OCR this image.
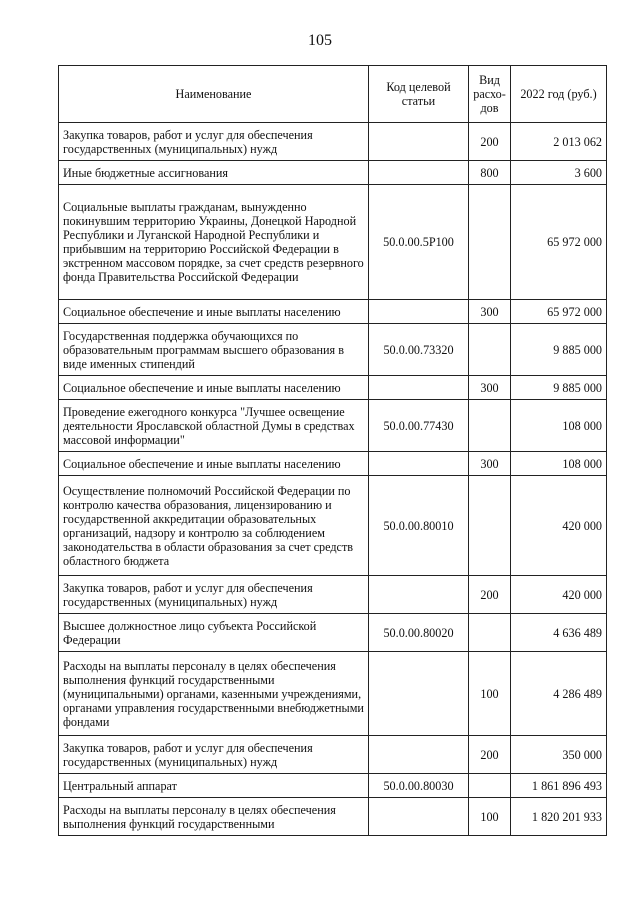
105
Наименование	Код целевой статьи	Вид расхо-дов	2022 год (руб.)
Закупка товаров, работ и услуг для обеспечения государственных (муниципальных) нужд		200	2 013 062
Иные бюджетные ассигнования		800	3 600
Социальные выплаты гражданам, вынужденно покинувшим территорию Украины, Донецкой Народной Республики и Луганской Народной Республики и прибывшим на территорию Российской Федерации в экстренном массовом порядке, за счет средств резервного фонда Правительства Российской Федерации	50.0.00.5Р100		65 972 000
Социальное обеспечение и иные выплаты населению		300	65 972 000
Государственная поддержка обучающихся по образовательным программам высшего образования в виде именных стипендий	50.0.00.73320		9 885 000
Социальное обеспечение и иные выплаты населению		300	9 885 000
Проведение ежегодного конкурса "Лучшее освещение деятельности Ярославской областной Думы в средствах массовой информации"	50.0.00.77430		108 000
Социальное обеспечение и иные выплаты населению		300	108 000
Осуществление полномочий Российской Федерации по контролю качества образования, лицензированию и государственной аккредитации образовательных организаций, надзору и контролю за соблюдением законодательства в области образования за счет средств областного бюджета	50.0.00.80010		420 000
Закупка товаров, работ и услуг для обеспечения государственных (муниципальных) нужд		200	420 000
Высшее должностное лицо субъекта Российской Федерации	50.0.00.80020		4 636 489
Расходы на выплаты персоналу в целях обеспечения выполнения функций государственными (муниципальными) органами, казенными учреждениями, органами управления государственными внебюджетными фондами		100	4 286 489
Закупка товаров, работ и услуг для обеспечения государственных (муниципальных) нужд		200	350 000
Центральный аппарат	50.0.00.80030		1 861 896 493
Расходы на выплаты персоналу в целях обеспечения выполнения функций государственными		100	1 820 201 933
